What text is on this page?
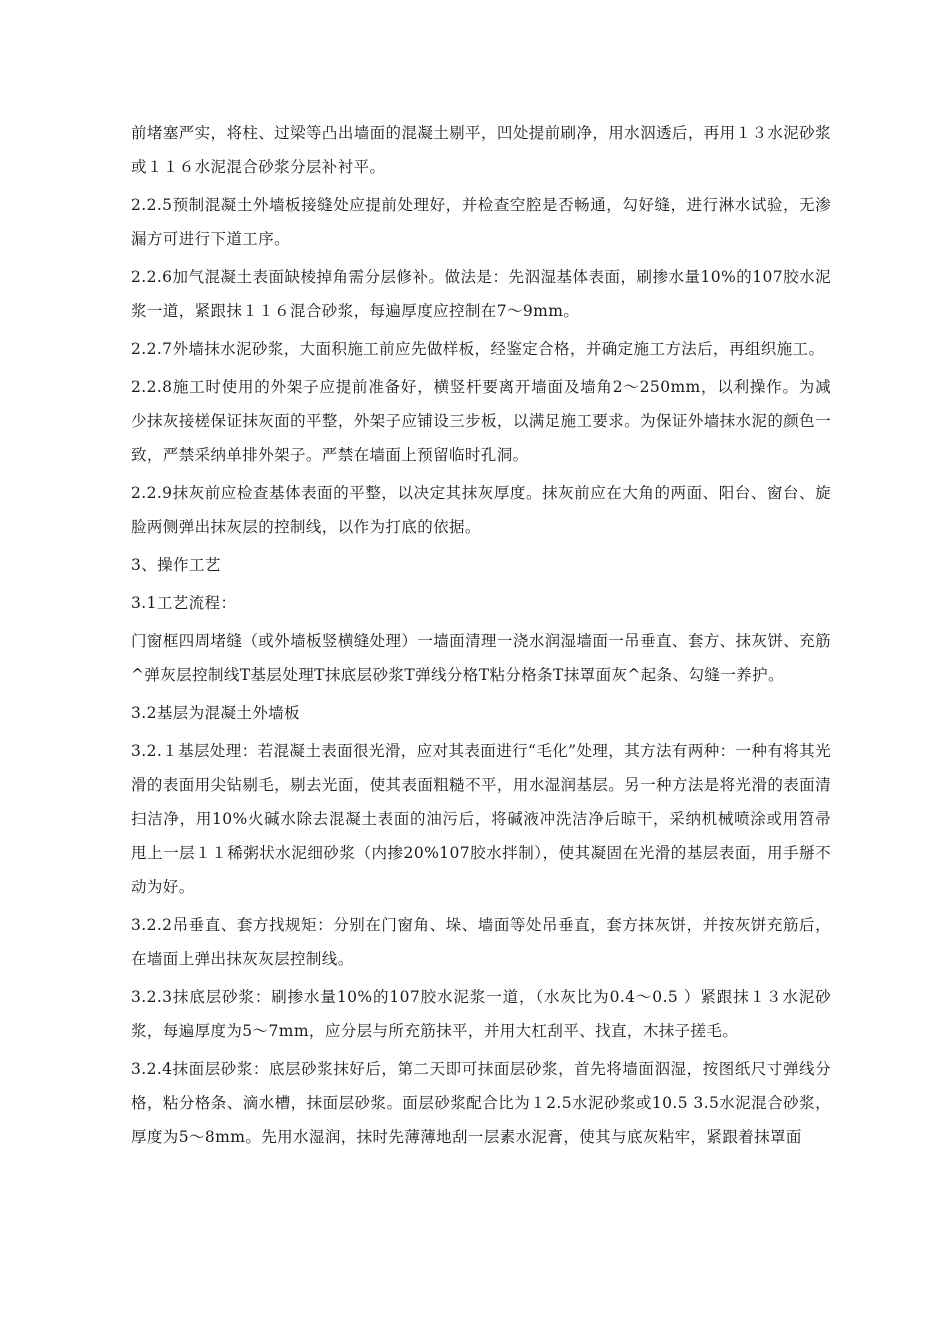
前堵塞严实，将柱、过梁等凸出墙面的混凝土剔平，凹处提前刷净，用水泅透后，再用１３水泥砂浆或１１６水泥混合砂浆分层补衬平。

2.2.5预制混凝土外墙板接缝处应提前处理好，并检查空腔是否畅通，勾好缝，进行淋水试验，无渗漏方可进行下道工序。

2.2.6加气混凝土表面缺棱掉角需分层修补。做法是：先泅湿基体表面，刷掺水量10%的107胶水泥浆一道，紧跟抹１１６混合砂浆，每遍厚度应控制在7〜9mm。

2.2.7外墙抹水泥砂浆，大面积施工前应先做样板，经鉴定合格，并确定施工方法后，再组织施工。

2.2.8施工时使用的外架子应提前准备好，横竖杆要离开墙面及墙角2〜250mm，以利操作。为减少抹灰接槎保证抹灰面的平整，外架子应铺设三步板，以满足施工要求。为保证外墙抹水泥的颜色一致，严禁采纳单排外架子。严禁在墙面上预留临时孔洞。

2.2.9抹灰前应检查基体表面的平整，以决定其抹灰厚度。抹灰前应在大角的两面、阳台、窗台、旋脸两侧弹出抹灰层的控制线，以作为打底的依据。

3、操作工艺

3.1工艺流程：

门窗框四周堵缝（或外墙板竖横缝处理）一墙面清理一浇水润湿墙面一吊垂直、套方、抹灰饼、充筋^弹灰层控制线T基层处理T抹底层砂浆T弹线分格T粘分格条T抹罩面灰^起条、勾缝一养护。

3.2基层为混凝土外墙板

3.2.１基层处理：若混凝土表面很光滑，应对其表面进行“毛化”处理，其方法有两种：一种有将其光滑的表面用尖钻剔毛，剔去光面，使其表面粗糙不平，用水湿润基层。另一种方法是将光滑的表面清扫洁净，用10%火碱水除去混凝土表面的油污后，将碱液冲洗洁净后晾干，采纳机械喷涂或用笤帚甩上一层１１稀粥状水泥细砂浆（内掺20%107胶水拌制），使其凝固在光滑的基层表面，用手掰不动为好。

3.2.2吊垂直、套方找规矩：分别在门窗角、垛、墙面等处吊垂直，套方抹灰饼，并按灰饼充筋后，在墙面上弹出抹灰灰层控制线。

3.2.3抹底层砂浆：刷掺水量10%的107胶水泥浆一道，（水灰比为0.4〜0.5 ）紧跟抹１３水泥砂浆，每遍厚度为5〜7mm，应分层与所充筋抹平，并用大杠刮平、找直，木抹子搓毛。

3.2.4抹面层砂浆：底层砂浆抹好后，第二天即可抹面层砂浆，首先将墙面泅湿，按图纸尺寸弹线分格，粘分格条、滴水槽，抹面层砂浆。面层砂浆配合比为１2.5水泥砂浆或10.5 3.5水泥混合砂浆，厚度为5〜8mm。先用水湿润，抹时先薄薄地刮一层素水泥膏，使其与底灰粘牢，紧跟着抹罩面
